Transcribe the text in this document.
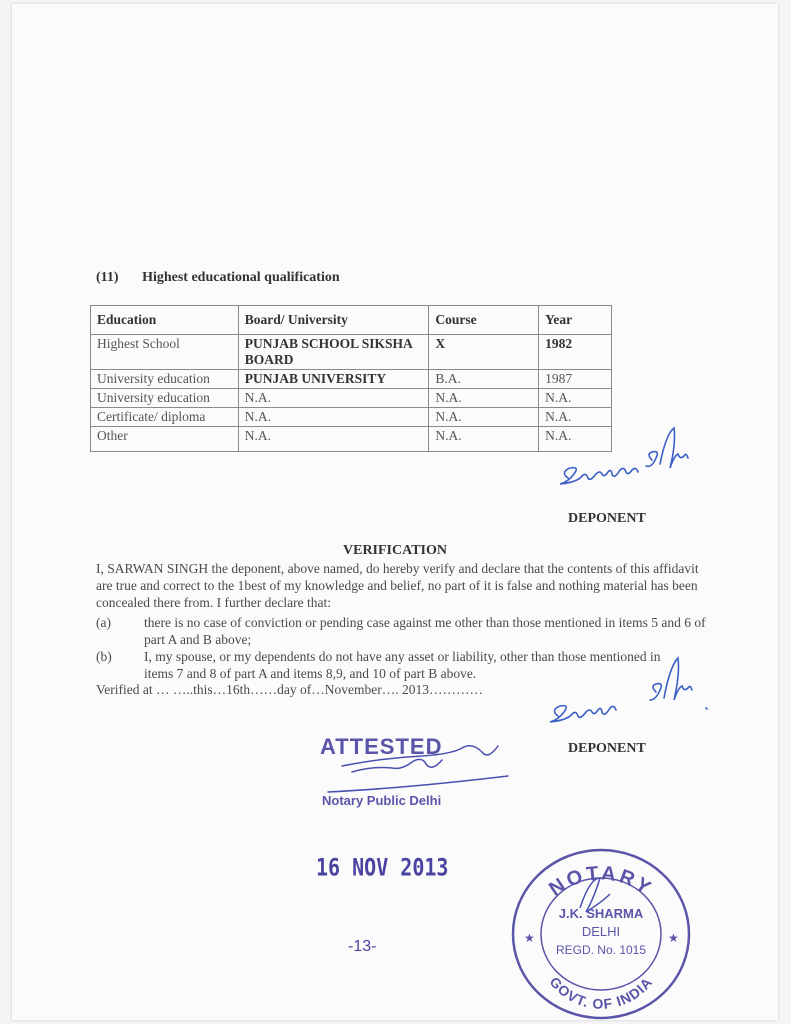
(11) Highest educational qualification
Education	Board/ University	Course	Year
Highest School	PUNJAB SCHOOL SIKSHA BOARD	X	1982
University education	PUNJAB UNIVERSITY	B.A.	1987
University education	N.A.	N.A.	N.A.
Certificate/ diploma	N.A.	N.A.	N.A.
Other	N.A.	N.A.	N.A.
DEPONENT
VERIFICATION
I, SARWAN SINGH the deponent, above named, do hereby verify and declare that the contents of this affidavit are true and correct to the 1best of my knowledge and belief, no part of it is false and nothing material has been concealed there from. I further declare that:
(a)	there is no case of conviction or pending case against me other than those mentioned in items 5 and 6 of part A and B above;
(b)	I, my spouse, or my dependents do not have any asset or liability, other than those mentioned in items 7 and 8 of part A and items 8,9, and 10 of part B above.
Verified at … …..this…16th……day of…November…. 2013…………
DEPONENT
ATTESTED
Notary Public Delhi
16 NOV 2013
-13-
NOTARY
GOVT. OF INDIA
J.K. SHARMA
DELHI
REGD. No. 1015
★	★
